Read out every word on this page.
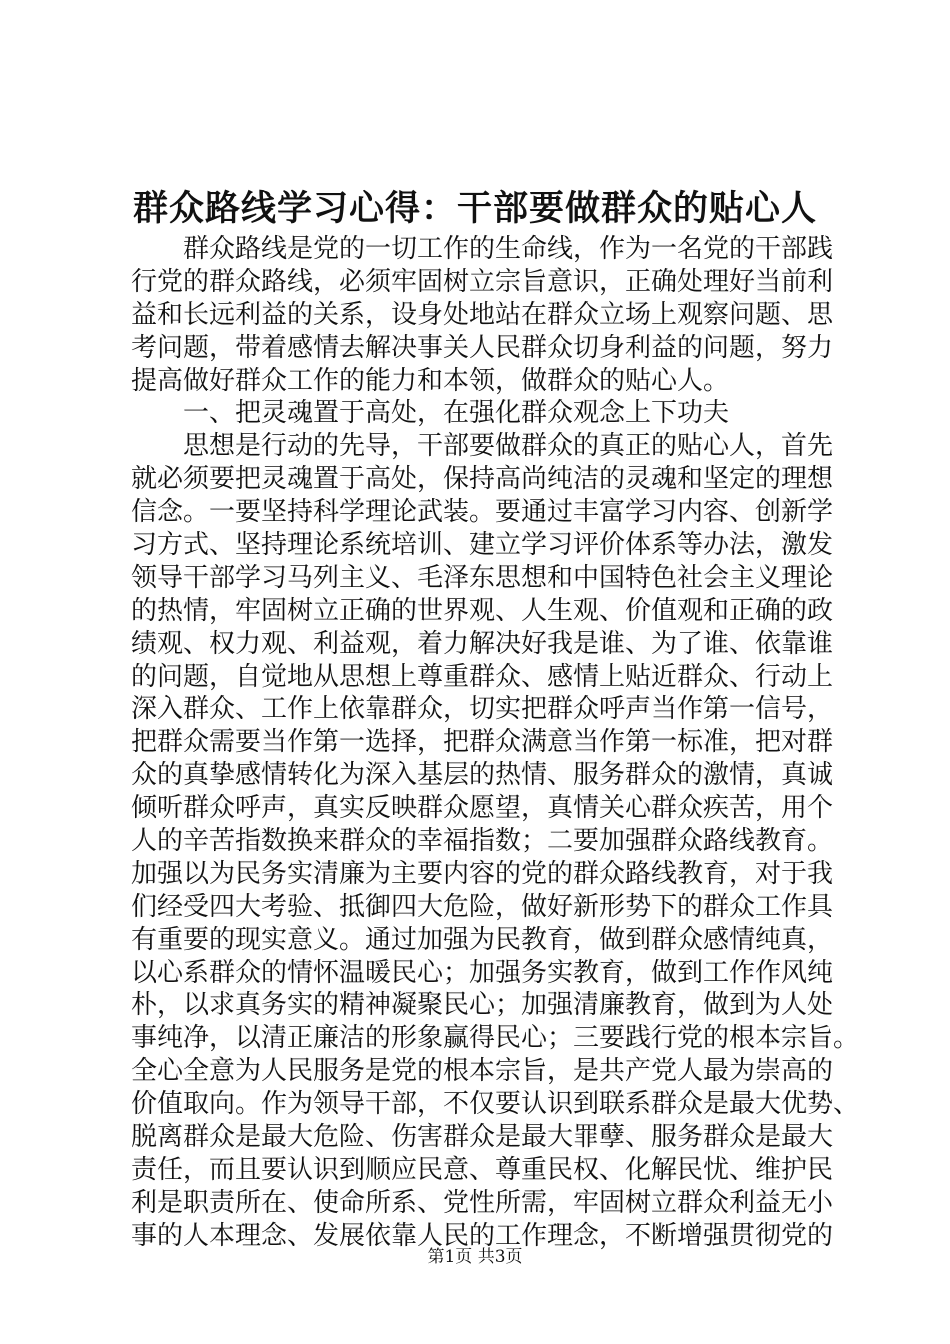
群众路线学习心得：干部要做群众的贴心人
群众路线是党的一切工作的生命线，作为一名党的干部践
行党的群众路线，必须牢固树立宗旨意识，正确处理好当前利
益和长远利益的关系，设身处地站在群众立场上观察问题、思
考问题，带着感情去解决事关人民群众切身利益的问题，努力
提高做好群众工作的能力和本领，做群众的贴心人。
一、把灵魂置于高处，在强化群众观念上下功夫
思想是行动的先导，干部要做群众的真正的贴心人，首先
就必须要把灵魂置于高处，保持高尚纯洁的灵魂和坚定的理想
信念。一要坚持科学理论武装。要通过丰富学习内容、创新学
习方式、坚持理论系统培训、建立学习评价体系等办法，激发
领导干部学习马列主义、毛泽东思想和中国特色社会主义理论
的热情，牢固树立正确的世界观、人生观、价值观和正确的政
绩观、权力观、利益观，着力解决好我是谁、为了谁、依靠谁
的问题，自觉地从思想上尊重群众、感情上贴近群众、行动上
深入群众、工作上依靠群众，切实把群众呼声当作第一信号，
把群众需要当作第一选择，把群众满意当作第一标准，把对群
众的真挚感情转化为深入基层的热情、服务群众的激情，真诚
倾听群众呼声，真实反映群众愿望，真情关心群众疾苦，用个
人的辛苦指数换来群众的幸福指数；二要加强群众路线教育。
加强以为民务实清廉为主要内容的党的群众路线教育，对于我
们经受四大考验、抵御四大危险，做好新形势下的群众工作具
有重要的现实意义。通过加强为民教育，做到群众感情纯真，
以心系群众的情怀温暖民心；加强务实教育，做到工作作风纯
朴，以求真务实的精神凝聚民心；加强清廉教育，做到为人处
事纯净，以清正廉洁的形象赢得民心；三要践行党的根本宗旨。
全心全意为人民服务是党的根本宗旨，是共产党人最为崇高的
价值取向。作为领导干部，不仅要认识到联系群众是最大优势、
脱离群众是最大危险、伤害群众是最大罪孽、服务群众是最大
责任，而且要认识到顺应民意、尊重民权、化解民忧、维护民
利是职责所在、使命所系、党性所需，牢固树立群众利益无小
事的人本理念、发展依靠人民的工作理念，不断增强贯彻党的
第1页 共3页
